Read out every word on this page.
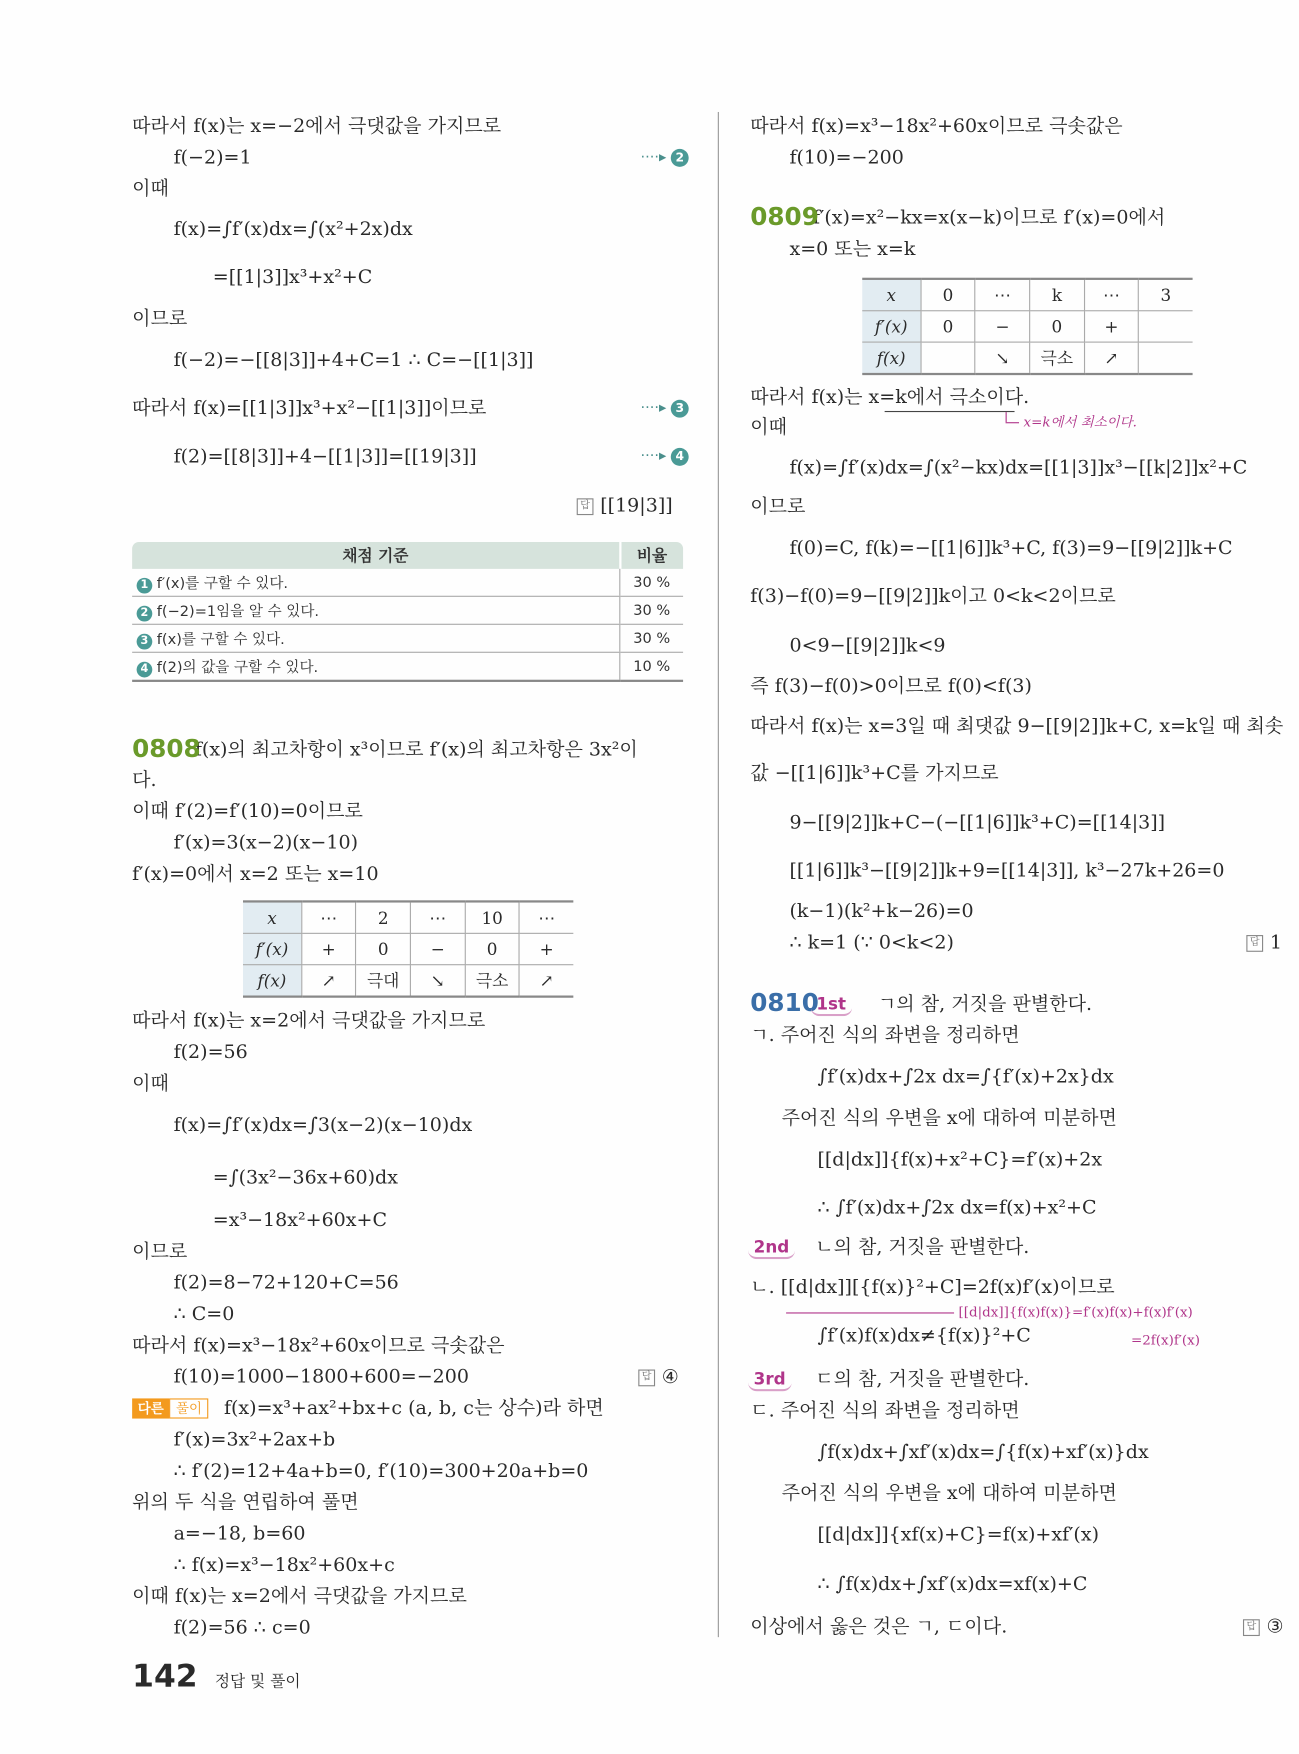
따라서 f(x)는 x=−2에서 극댓값을 가지므로
f(−2)=1
이때
f(x)=∫f′(x)dx=∫(x²+2x)dx
=[[1|3]]x³+x²+C
이므로
f(−2)=−[[8|3]]+4+C=1 ∴ C=−[[1|3]]
따라서 f(x)=[[1|3]]x³+x²−[[1|3]]이므로
f(2)=[[8|3]]+4−[[1|3]]=[[19|3]]
f(x)의 최고차항이 x³이므로 f′(x)의 최고차항은 3x²이
다.
이때 f′(2)=f′(10)=0이므로
f′(x)=3(x−2)(x−10)
f′(x)=0에서 x=2 또는 x=10
따라서 f(x)는 x=2에서 극댓값을 가지므로
f(2)=56
이때
f(x)=∫f′(x)dx=∫3(x−2)(x−10)dx
=∫(3x²−36x+60)dx
=x³−18x²+60x+C
이므로
f(2)=8−72+120+C=56
∴ C=0
따라서 f(x)=x³−18x²+60x이므로 극솟값은
f(10)=1000−1800+600=−200
f(x)=x³+ax²+bx+c (a, b, c는 상수)라 하면
f′(x)=3x²+2ax+b
∴ f′(2)=12+4a+b=0, f′(10)=300+20a+b=0
위의 두 식을 연립하여 풀면
a=−18, b=60
∴ f(x)=x³−18x²+60x+c
이때 f(x)는 x=2에서 극댓값을 가지므로
f(2)=56 ∴ c=0
따라서 f(x)=x³−18x²+60x이므로 극솟값은
f(10)=−200
f′(x)=x²−kx=x(x−k)이므로 f′(x)=0에서
x=0 또는 x=k
따라서 f(x)는 x=k에서 극소이다.
이때
f(x)=∫f′(x)dx=∫(x²−kx)dx=[[1|3]]x³−[[k|2]]x²+C
이므로
f(0)=C, f(k)=−[[1|6]]k³+C, f(3)=9−[[9|2]]k+C
f(3)−f(0)=9−[[9|2]]k이고 0<k<2이므로
0<9−[[9|2]]k<9
즉 f(3)−f(0)>0이므로 f(0)<f(3)
따라서 f(x)는 x=3일 때 최댓값 9−[[9|2]]k+C, x=k일 때 최솟
값 −[[1|6]]k³+C를 가지므로
9−[[9|2]]k+C−(−[[1|6]]k³+C)=[[14|3]]
[[1|6]]k³−[[9|2]]k+9=[[14|3]], k³−27k+26=0
(k−1)(k²+k−26)=0
∴ k=1 (∵ 0<k<2)
ㄱ의 참, 거짓을 판별한다.
ㄱ. 주어진 식의 좌변을 정리하면
∫f′(x)dx+∫2x dx=∫{f′(x)+2x}dx
주어진 식의 우변을 x에 대하여 미분하면
[[d|dx]]{f(x)+x²+C}=f′(x)+2x
∴ ∫f′(x)dx+∫2x dx=f(x)+x²+C
ㄴ의 참, 거짓을 판별한다.
ㄴ. [[d|dx]][{f(x)}²+C]=2f(x)f′(x)이므로
∫f′(x)f(x)dx≠{f(x)}²+C
ㄷ의 참, 거짓을 판별한다.
ㄷ. 주어진 식의 좌변을 정리하면
∫f(x)dx+∫xf′(x)dx=∫{f(x)+xf′(x)}dx
주어진 식의 우변을 x에 대하여 미분하면
[[d|dx]]{xf(x)+C}=f(x)+xf′(x)
∴ ∫f(x)dx+∫xf′(x)dx=xf(x)+C
이상에서 옳은 것은 ㄱ, ㄷ이다.
0808
0809
0810
1st
2nd
3rd
다른 풀이
····▸ 2
····▸ 3
····▸ 4
답 [[19|3]]
답 ④
답 1
답 ③
x=k에서 최소이다.
[[d|dx]]{f(x)f(x)}=f′(x)f(x)+f(x)f′(x)
=2f(x)f′(x)
채점 기준	비율
1 f′(x)를 구할 수 있다.	30 %
2 f(−2)=1임을 알 수 있다.	30 %
3 f(x)를 구할 수 있다.	30 %
4 f(2)의 값을 구할 수 있다.	10 %
x	⋯	2	⋯	10	⋯
f′(x)	+	0	−	0	+
f(x)	↗	극대	↘	극소	↗
x	0	⋯	k	⋯	3
f′(x)	0	−	0	+	
f(x)		↘	극소	↗	
142 정답 및 풀이
